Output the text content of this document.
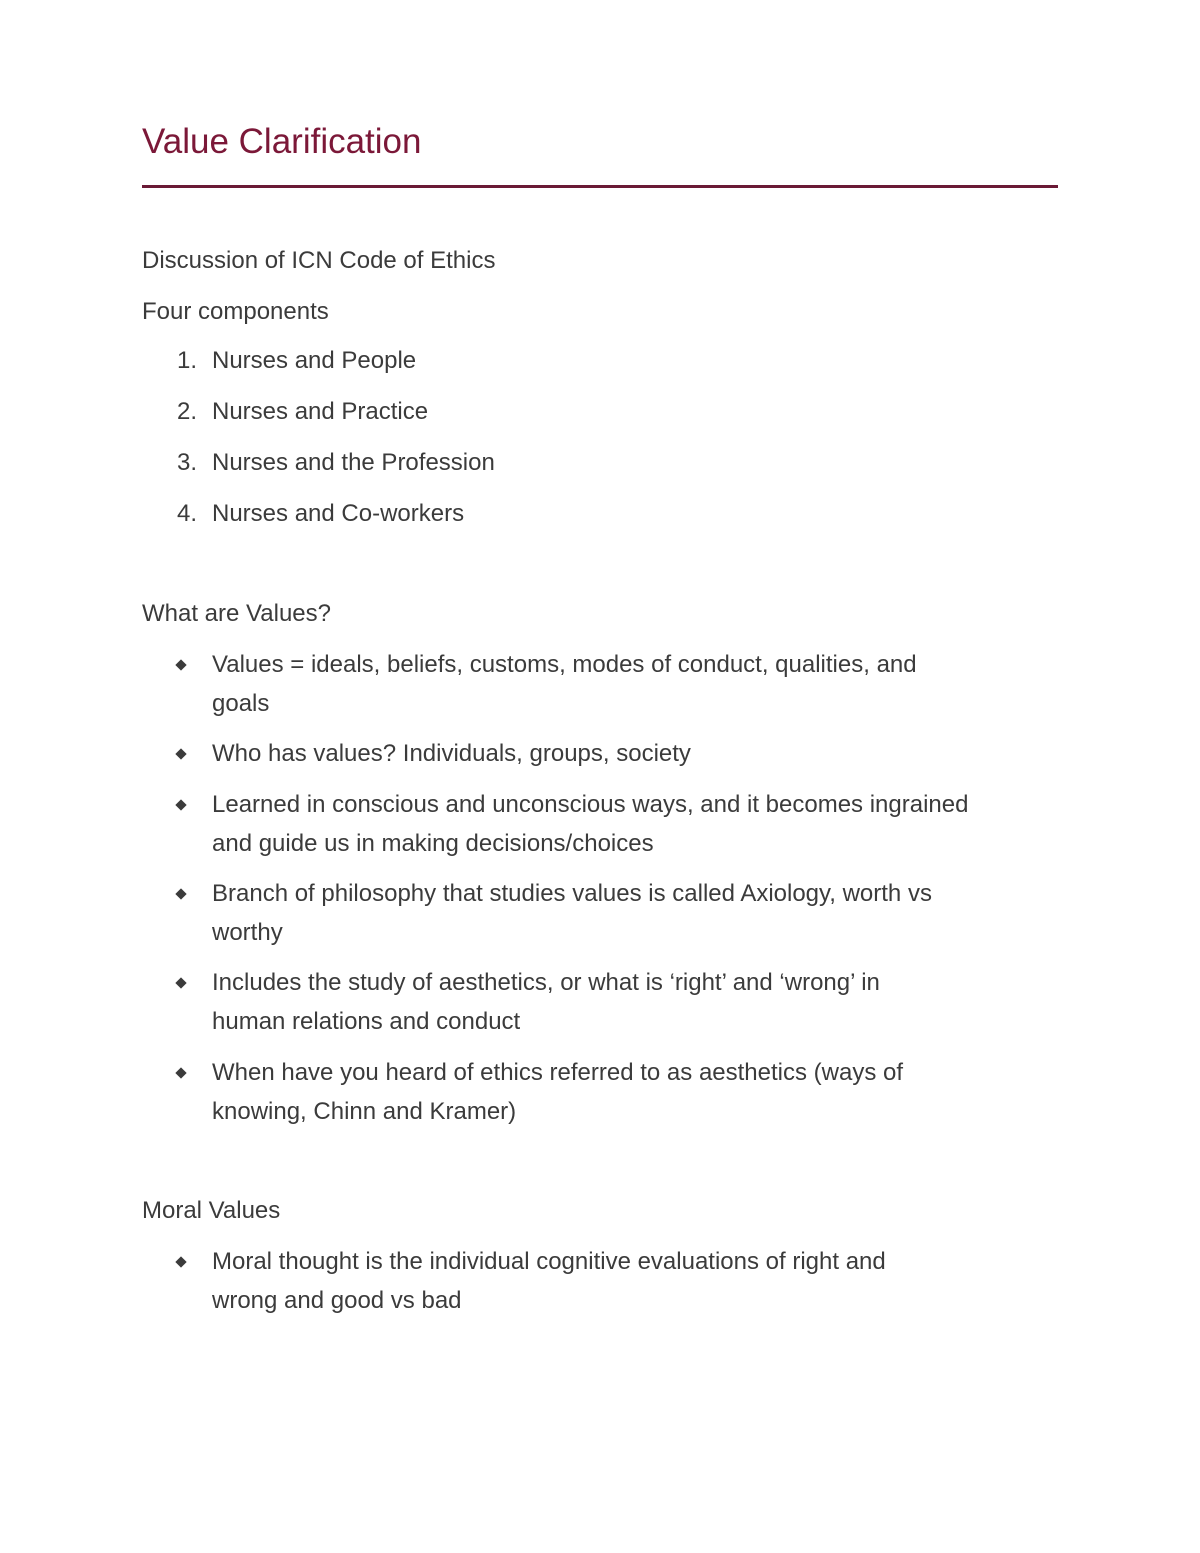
Value Clarification
Discussion of ICN Code of Ethics
Four components
1. Nurses and People
2. Nurses and Practice
3. Nurses and the Profession
4. Nurses and Co-workers
What are Values?
Values = ideals, beliefs, customs, modes of conduct, qualities, and
goals
Who has values? Individuals, groups, society
Learned in conscious and unconscious ways, and it becomes ingrained
and guide us in making decisions/choices
Branch of philosophy that studies values is called Axiology, worth vs
worthy
Includes the study of aesthetics, or what is ‘right’ and ‘wrong’ in
human relations and conduct
When have you heard of ethics referred to as aesthetics (ways of
knowing, Chinn and Kramer)
Moral Values
Moral thought is the individual cognitive evaluations of right and
wrong and good vs bad
